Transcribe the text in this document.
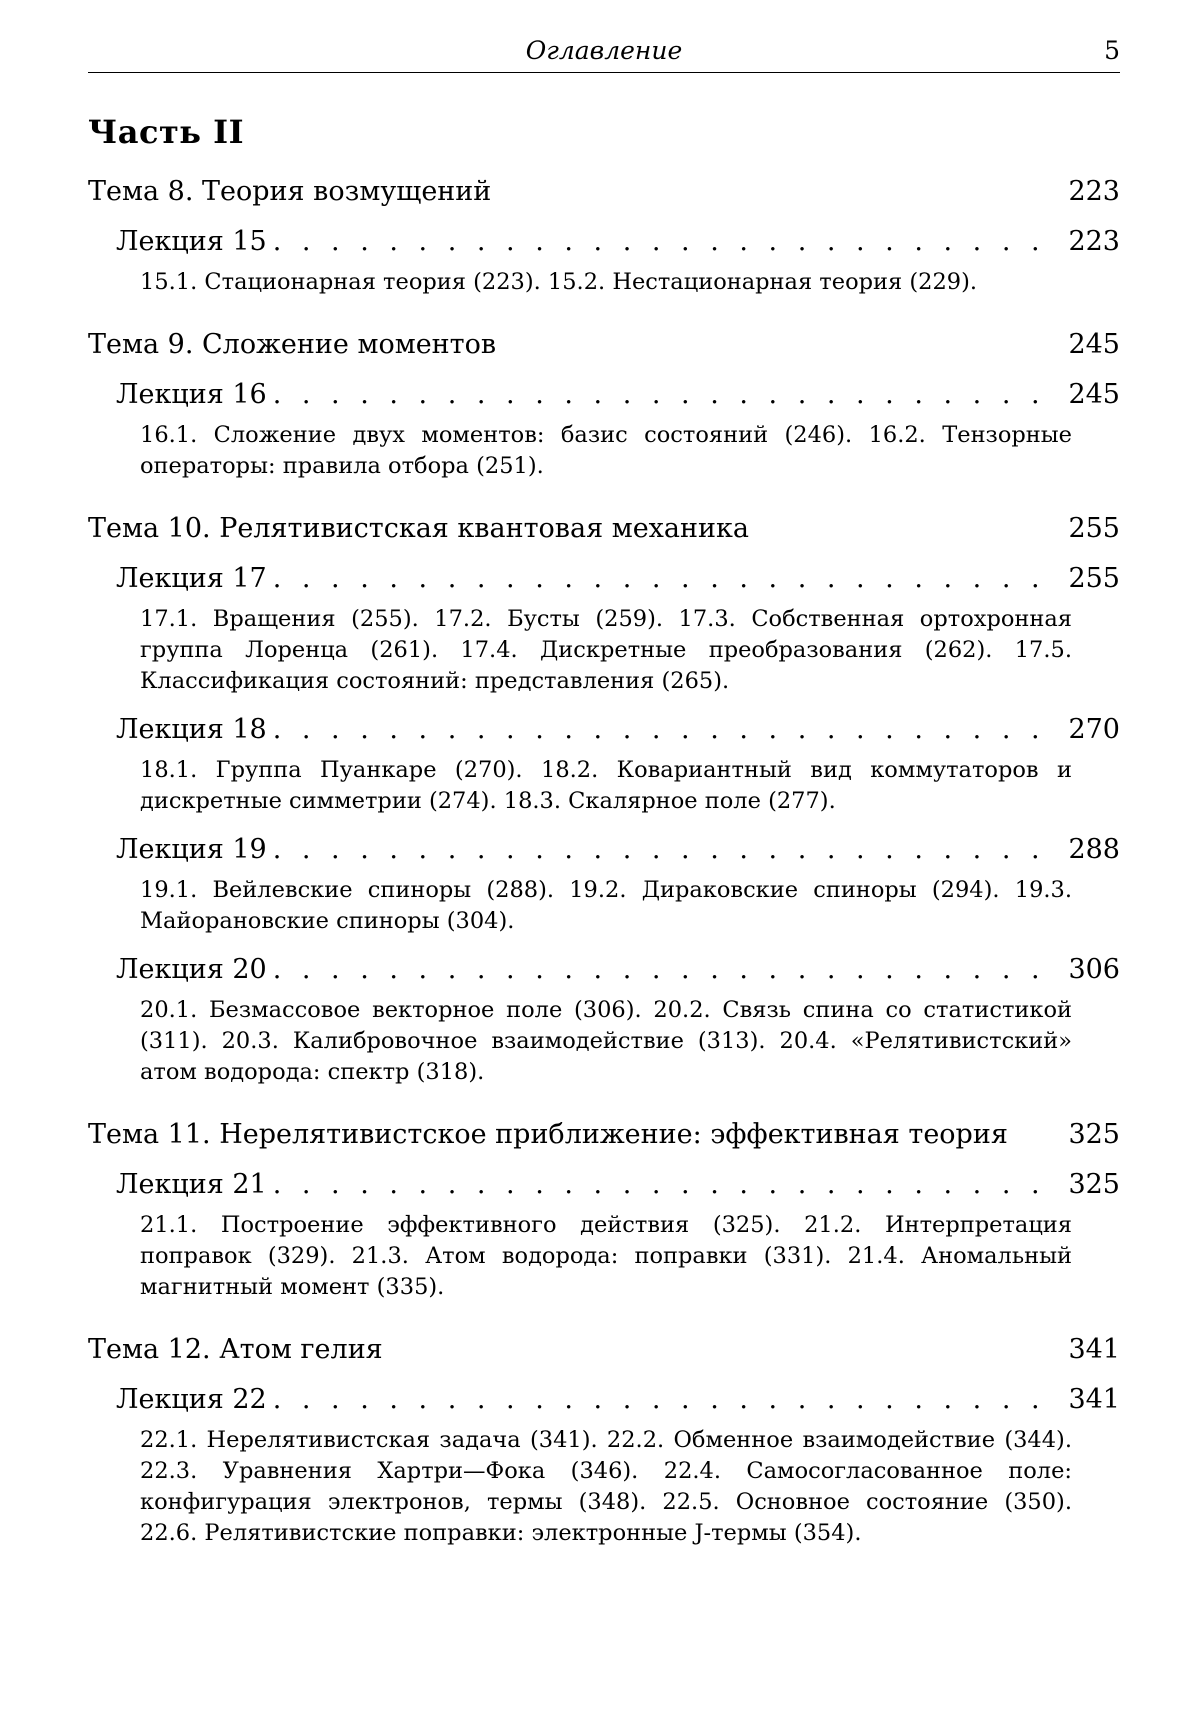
Оглавление	5
Часть II
Тема 8. Теория возмущений	223
Лекция 15 . . .	223
15.1. Стационарная теория (223). 15.2. Нестационарная теория (229).
Тема 9. Сложение моментов	245
Лекция 16 . . .	245
16.1. Сложение двух моментов: базис состояний (246). 16.2. Тензорные операторы: правила отбора (251).
Тема 10. Релятивистская квантовая механика	255
Лекция 17 . . .	255
17.1. Вращения (255). 17.2. Бусты (259). 17.3. Собственная ортохронная группа Лоренца (261). 17.4. Дискретные преобразования (262). 17.5. Классификация состояний: представления (265).
Лекция 18 . . .	270
18.1. Группа Пуанкаре (270). 18.2. Ковариантный вид коммутаторов и дискретные симметрии (274). 18.3. Скалярное поле (277).
Лекция 19 . . .	288
19.1. Вейлевские спиноры (288). 19.2. Дираковские спиноры (294). 19.3. Майорановские спиноры (304).
Лекция 20 . . .	306
20.1. Безмассовое векторное поле (306). 20.2. Связь спина со статистикой (311). 20.3. Калибровочное взаимодействие (313). 20.4. «Релятивистский» атом водорода: спектр (318).
Тема 11. Нерелятивистское приближение: эффективная теория 325
Лекция 21 . . .	325
21.1. Построение эффективного действия (325). 21.2. Интерпретация поправок (329). 21.3. Атом водорода: поправки (331). 21.4. Аномальный магнитный момент (335).
Тема 12. Атом гелия	341
Лекция 22 . . .	341
22.1. Нерелятивистская задача (341). 22.2. Обменное взаимодействие (344). 22.3. Уравнения Хартри—Фока (346). 22.4. Самосогласованное поле: конфигурация электронов, термы (348). 22.5. Основное состояние (350). 22.6. Релятивистские поправки: электронные J-термы (354).
